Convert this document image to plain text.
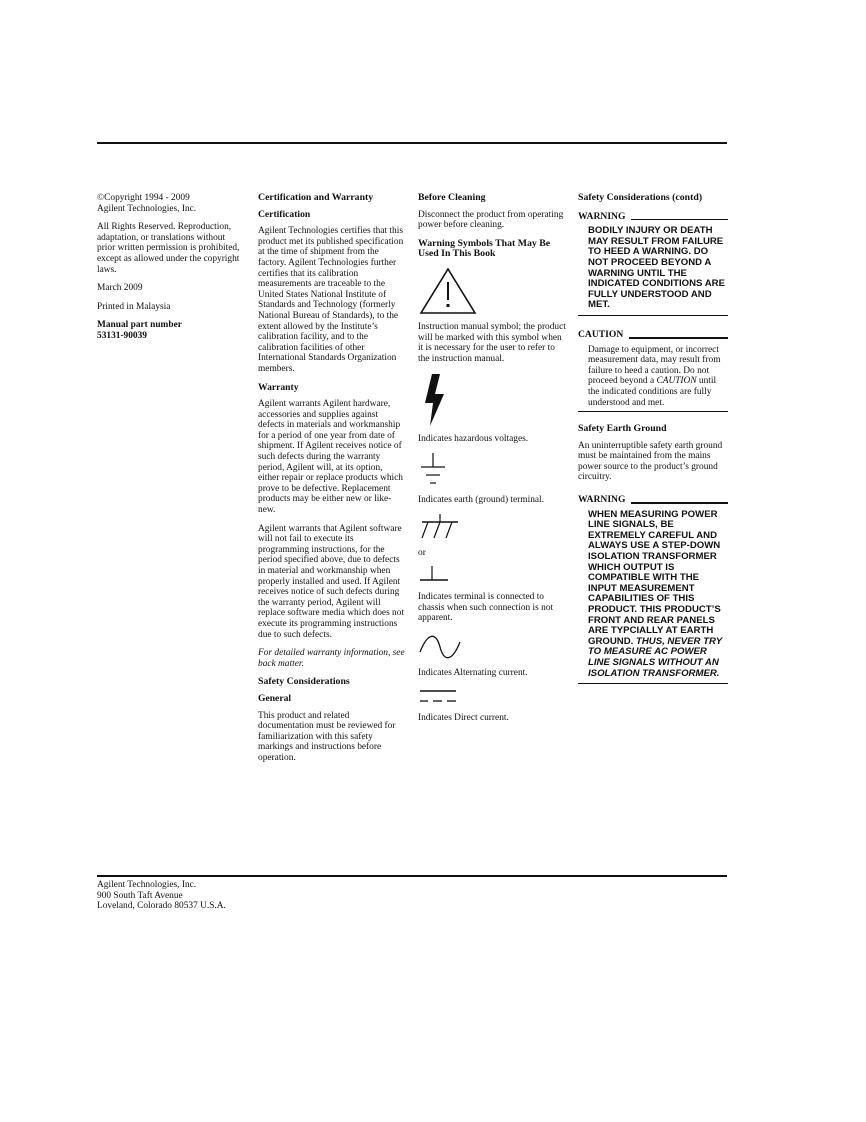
©Copyright 1994 - 2009
Agilent Technologies, Inc.

All Rights Reserved. Reproduction, adaptation, or translations without prior written permission is prohibited, except as allowed under the copyright laws.

March 2009

Printed in Malaysia

Manual part number
53131-90039

Certification and Warranty
Certification

Agilent Technologies certifies that this product met its published specification at the time of shipment from the factory. Agilent Technologies further certifies that its calibration measurements are traceable to the United States National Institute of Standards and Technology (formerly National Bureau of Standards), to the extent allowed by the Institute’s calibration facility, and to the calibration facilities of other International Standards Organization members.

Warranty

Agilent warrants Agilent hardware, accessories and supplies against defects in materials and workmanship for a period of one year from date of shipment. If Agilent receives notice of such defects during the warranty period, Agilent will, at its option, either repair or replace products which prove to be defective. Replacement products may be either new or like-new.

Agilent warrants that Agilent software will not fail to execute its programming instructions, for the period specified above, due to defects in material and workmanship when properly installed and used. If Agilent receives notice of such defects during the warranty period, Agilent will replace software media which does not execute its programming instructions due to such defects.

For detailed warranty information, see back matter.

Safety Considerations
General

This product and related documentation must be reviewed for familiarization with this safety markings and instructions before operation.

Before Cleaning

Disconnect the product from operating power before cleaning.

Warning Symbols That May Be Used In This Book

Instruction manual symbol; the product will be marked with this symbol when it is necessary for the user to refer to the instruction manual.

Indicates hazardous voltages.

Indicates earth (ground) terminal.

or

Indicates terminal is connected to chassis when such connection is not apparent.

Indicates Alternating current.

Indicates Direct current.

Safety Considerations (contd)
WARNING
BODILY INJURY OR DEATH MAY RESULT FROM FAILURE TO HEED A WARNING. DO NOT PROCEED BEYOND A WARNING UNTIL THE INDICATED CONDITIONS ARE FULLY UNDERSTOOD AND MET.
CAUTION
Damage to equipment, or incorrect measurement data, may result from failure to heed a caution. Do not proceed beyond a CAUTION until the indicated conditions are fully understood and met.
Safety Earth Ground

An uninterruptible safety earth ground must be maintained from the mains power source to the product’s ground circuitry.

WARNING
WHEN MEASURING POWER LINE SIGNALS, BE EXTREMELY CAREFUL AND ALWAYS USE A STEP-DOWN ISOLATION TRANSFORMER WHICH OUTPUT IS COMPATIBLE WITH THE INPUT MEASUREMENT CAPABILITIES OF THIS PRODUCT. THIS PRODUCT’S FRONT AND REAR PANELS ARE TYPCIALLY AT EARTH GROUND. THUS, NEVER TRY TO MEASURE AC POWER LINE SIGNALS WITHOUT AN ISOLATION TRANSFORMER.
Agilent Technologies, Inc.
900 South Taft Avenue
Loveland, Colorado 80537 U.S.A.
